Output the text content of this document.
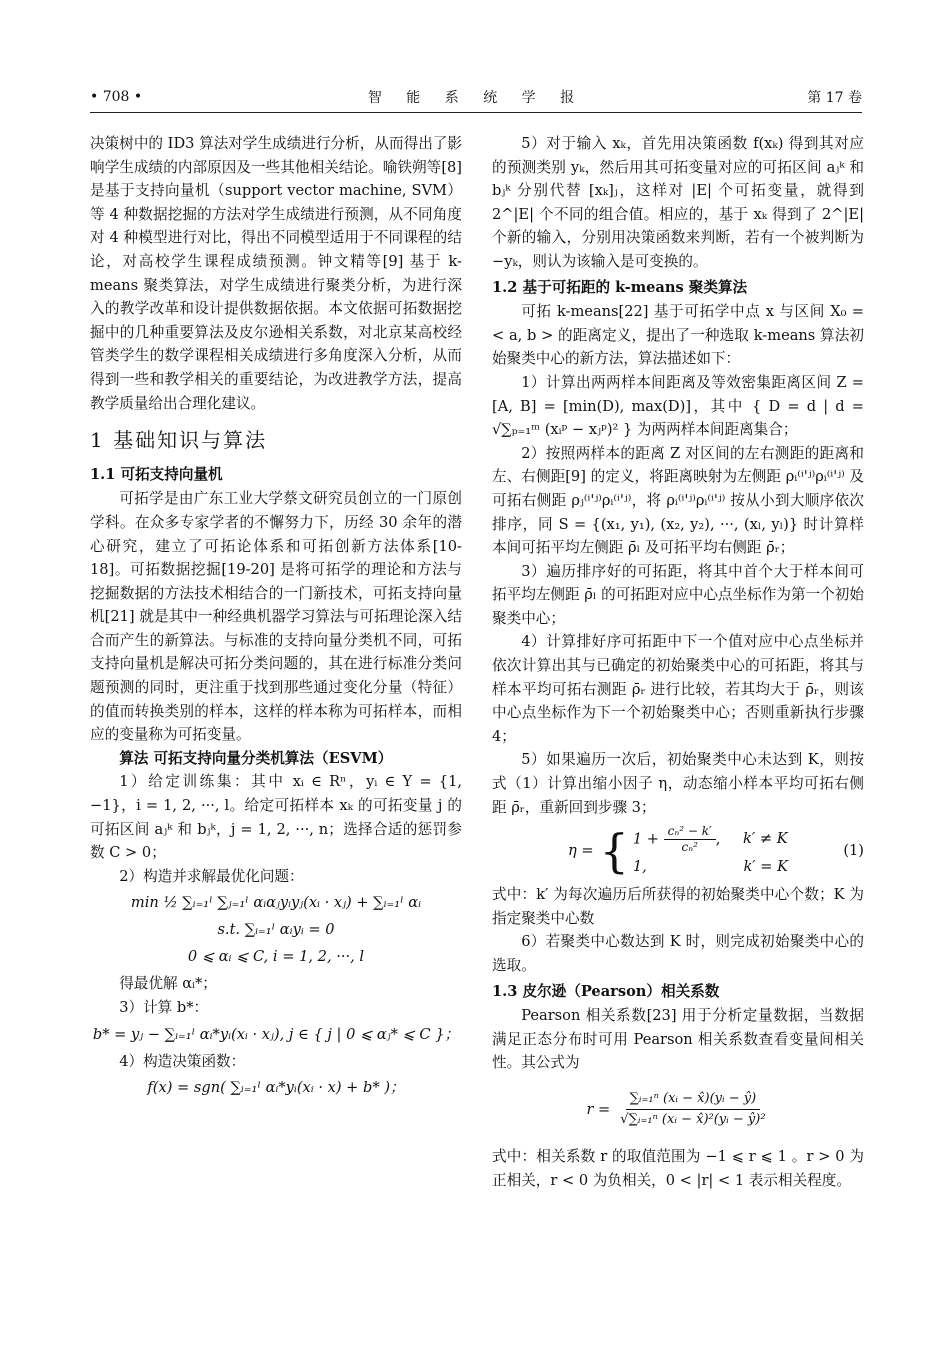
• 708 •	智 能 系 统 学 报	第 17 卷

决策树中的 ID3 算法对学生成绩进行分析，从而得出了影响学生成绩的内部原因及一些其他相关结论。喻铁朔等[8] 是基于支持向量机（support vector machine, SVM）等 4 种数据挖掘的方法对学生成绩进行预测，从不同角度对 4 种模型进行对比，得出不同模型适用于不同课程的结论，对高校学生课程成绩预测。钟文精等[9] 基于 k-means 聚类算法，对学生成绩进行聚类分析，为进行深入的教学改革和设计提供数据依据。本文依据可拓数据挖掘中的几种重要算法及皮尔逊相关系数，对北京某高校经管类学生的数学课程相关成绩进行多角度深入分析，从而得到一些和教学相关的重要结论，为改进教学方法，提高教学质量给出合理化建议。

1 基础知识与算法
1.1 可拓支持向量机

可拓学是由广东工业大学蔡文研究员创立的一门原创学科。在众多专家学者的不懈努力下，历经 30 余年的潜心研究，建立了可拓论体系和可拓创新方法体系[10-18]。可拓数据挖掘[19-20] 是将可拓学的理论和方法与挖掘数据的方法技术相结合的一门新技术，可拓支持向量机[21] 就是其中一种经典机器学习算法与可拓理论深入结合而产生的新算法。与标准的支持向量分类机不同，可拓支持向量机是解决可拓分类问题的，其在进行标准分类问题预测的同时，更注重于找到那些通过变化分量（特征）的值而转换类别的样本，这样的样本称为可拓样本，而相应的变量称为可拓变量。

算法 可拓支持向量分类机算法（ESVM）

1）给定训练集：其中 xᵢ ∈ Rⁿ，yᵢ ∈ Y = {1, −1}，i = 1, 2, ···, l。给定可拓样本 xₖ 的可拓变量 j 的可拓区间 aⱼᵏ 和 bⱼᵏ，j = 1, 2, ···, n；选择合适的惩罚参数 C > 0；

2）构造并求解最优化问题：

min ½ ∑ᵢ₌₁ˡ ∑ⱼ₌₁ˡ αᵢαⱼyᵢyⱼ(xᵢ · xⱼ) + ∑ᵢ₌₁ˡ αᵢ
s.t. ∑ᵢ₌₁ˡ αᵢyᵢ = 0
0 ⩽ αᵢ ⩽ C, i = 1, 2, ···, l

得最优解 αᵢ*；

3）计算 b*：

b* = yⱼ − ∑ᵢ₌₁ˡ αᵢ*yᵢ(xᵢ · xⱼ), j ∈ { j | 0 ⩽ αⱼ* ⩽ C }；

4）构造决策函数：

f(x) = sgn( ∑ᵢ₌₁ˡ αᵢ*yᵢ(xᵢ · x) + b* )；

5）对于输入 xₖ，首先用决策函数 f(xₖ) 得到其对应的预测类别 yₖ，然后用其可拓变量对应的可拓区间 aⱼᵏ 和 bⱼᵏ 分别代替 [xₖ]ⱼ，这样对 |E| 个可拓变量，就得到 2^|E| 个不同的组合值。相应的，基于 xₖ 得到了 2^|E| 个新的输入，分别用决策函数来判断，若有一个被判断为 −yₖ，则认为该输入是可变换的。

1.2 基于可拓距的 k-means 聚类算法

可拓 k-means[22] 基于可拓学中点 x 与区间 X₀ = < a, b > 的距离定义，提出了一种选取 k-means 算法初始聚类中心的新方法，算法描述如下：

1）计算出两两样本间距离及等效密集距离区间 Z = [A, B] = [min(D), max(D)]，其中 { D = d | d = √∑ₚ₌₁ᵐ (xᵢᵖ − xⱼᵖ)² } 为两两样本间距离集合；

2）按照两样本的距离 Z 对区间的左右测距的距离和左、右侧距[9] 的定义，将距离映射为左侧距 ρᵢ⁽ⁱ'ʲ⁾ρᵢ⁽ⁱ'ʲ⁾ 及可拓右侧距 ρⱼ⁽ⁱ'ʲ⁾ρᵢ⁽ⁱ'ʲ⁾，将 ρᵢ⁽ⁱ'ʲ⁾ρᵢ⁽ⁱ'ʲ⁾ 按从小到大顺序依次排序，同 S = {(x₁, y₁), (x₂, y₂), ···, (xₗ, yₗ)} 时计算样本间可拓平均左侧距 ρ̄ₗ 及可拓平均右侧距 ρ̄ᵣ；

3）遍历排序好的可拓距，将其中首个大于样本间可拓平均左侧距 ρ̄ₗ 的可拓距对应中心点坐标作为第一个初始聚类中心；

4）计算排好序可拓距中下一个值对应中心点坐标并依次计算出其与已确定的初始聚类中心的可拓距，将其与样本平均可拓右测距 ρ̄ᵣ 进行比较，若其均大于 ρ̄ᵣ，则该中心点坐标作为下一个初始聚类中心；否则重新执行步骤 4；

5）如果遍历一次后，初始聚类中心未达到 K，则按式（1）计算出缩小因子 η，动态缩小样本平均可拓右侧距 ρ̄ᵣ，重新回到步骤 3；

η = { $1 + \frac{\text{cₙ² − k′}}{\text{cₙ²}}$ , k′ ≠ K
1,	k′ = K
(1)

式中：k′ 为每次遍历后所获得的初始聚类中心个数；K 为指定聚类中心数

6）若聚类中心数达到 K 时，则完成初始聚类中心的选取。

1.3 皮尔逊（Pearson）相关系数

Pearson 相关系数[23] 用于分析定量数据，当数据满足正态分布时可用 Pearson 相关系数查看变量间相关性。其公式为

$r = \frac{\text{∑ᵢ₌₁ⁿ (xᵢ − x̂)(yᵢ − ŷ)}}{\text{√∑ᵢ₌₁ⁿ (xᵢ − x̂)²(yᵢ − ŷ)²}}$

式中：相关系数 r 的取值范围为 −1 ⩽ r ⩽ 1 。r > 0 为正相关，r < 0 为负相关，0 < |r| < 1 表示相关程度。
